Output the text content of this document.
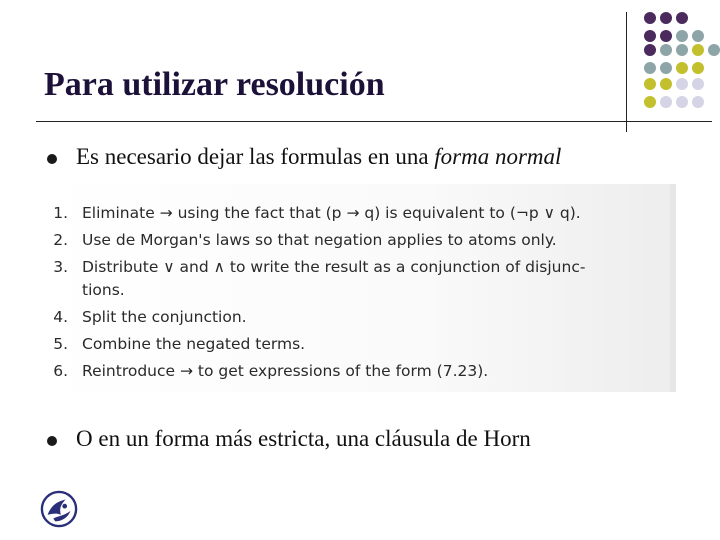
Para utilizar resolución
Es necesario dejar las formulas en una forma normal
1. Eliminate → using the fact that (p → q) is equivalent to (¬p ∨ q).
2. Use de Morgan's laws so that negation applies to atoms only.
3. Distribute ∨ and ∧ to write the result as a conjunction of disjunc-
tions.
4. Split the conjunction.
5. Combine the negated terms.
6. Reintroduce → to get expressions of the form (7.23).
O en un forma más estricta, una cláusula de Horn
